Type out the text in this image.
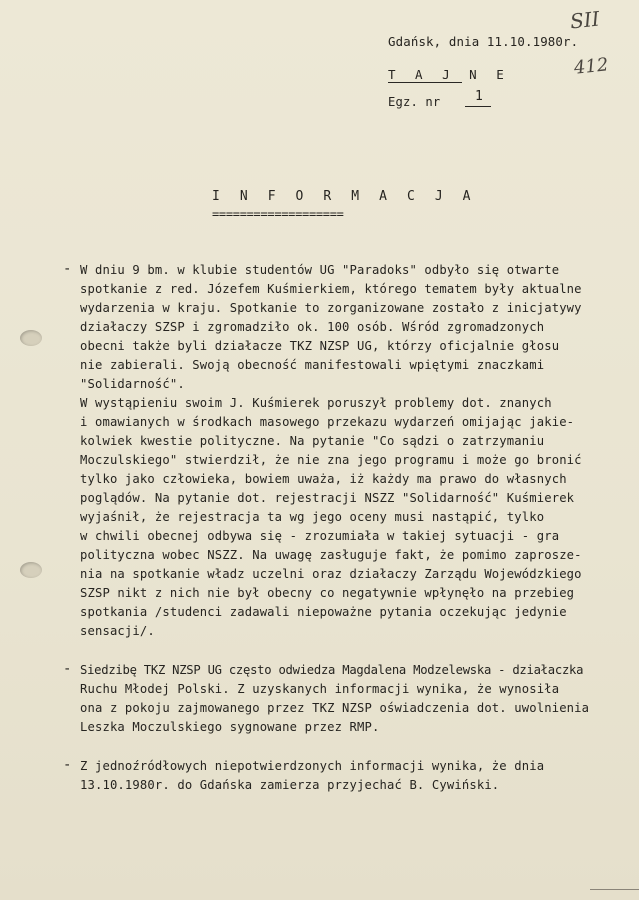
SII
412
Gdańsk, dnia 11.10.1980r.
T A J N E
Egz. nr	1
I N F O R M A C J A
===================
- W dniu 9 bm. w klubie studentów UG "Paradoks" odbyło się otwarte
spotkanie z red. Józefem Kuśmierkiem, którego tematem były aktualne
wydarzenia w kraju. Spotkanie to zorganizowane zostało z inicjatywy
działaczy SZSP i zgromadziło ok. 100 osób. Wśród zgromadzonych
obecni także byli działacze TKZ NZSP UG, którzy oficjalnie głosu
nie zabierali. Swoją obecność manifestowali wpiętymi znaczkami
"Solidarność".
W wystąpieniu swoim J. Kuśmierek poruszył problemy dot. znanych
i omawianych w środkach masowego przekazu wydarzeń omijając jakie-
kolwiek kwestie polityczne. Na pytanie "Co sądzi o zatrzymaniu
Moczulskiego" stwierdził, że nie zna jego programu i może go bronić
tylko jako człowieka, bowiem uważa, iż każdy ma prawo do własnych
poglądów. Na pytanie dot. rejestracji NSZZ "Solidarność" Kuśmierek
wyjaśnił, że rejestracja ta wg jego oceny musi nastąpić, tylko
w chwili obecnej odbywa się - zrozumiała w takiej sytuacji - gra
polityczna wobec NSZZ. Na uwagę zasługuje fakt, że pomimo zaprosze-
nia na spotkanie władz uczelni oraz działaczy Zarządu Wojewódzkiego
SZSP nikt z nich nie był obecny co negatywnie wpłynęło na przebieg
spotkania /studenci zadawali niepoważne pytania oczekując jedynie
sensacji/.
- Siedzibę TKZ NZSP UG często odwiedza Magdalena Modzelewska - działaczka
Ruchu Młodej Polski. Z uzyskanych informacji wynika, że wynosiła
ona z pokoju zajmowanego przez TKZ NZSP oświadczenia dot. uwolnienia
Leszka Moczulskiego sygnowane przez RMP.
- Z jednoźródłowych niepotwierdzonych informacji wynika, że dnia
13.10.1980r. do Gdańska zamierza przyjechać B. Cywiński.
